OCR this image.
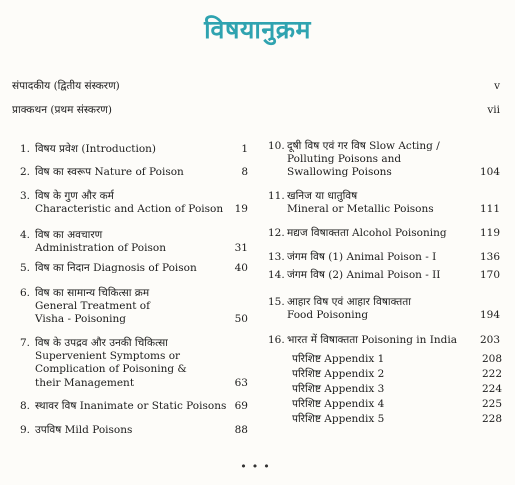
विषयानुक्रम
संपादकीय (द्वितीय संस्करण)	v
प्राक्कथन (प्रथम संस्करण)	vii
1. विषय प्रवेश (Introduction)	1
2. विष का स्वरूप Nature of Poison	8
3. विष के गुण और कर्म
Characteristic and Action of Poison	19
4. विष का अवचारण
Administration of Poison	31
5. विष का निदान Diagnosis of Poison	40
6. विष का सामान्य चिकित्सा क्रम
General Treatment of
Visha - Poisoning	50
7. विष के उपद्रव और उनकी चिकित्सा
Supervenient Symptoms or
Complication of Poisoning &
their Management	63
8. स्थावर विष Inanimate or Static Poisons 69
9. उपविष Mild Poisons	88
10. दूषी विष एवं गर विष Slow Acting /
Polluting Poisons and
Swallowing Poisons	104
11. खनिज या धातुविष
Mineral or Metallic Poisons	111
12. मद्यज विषाक्तता Alcohol Poisoning	119
13. जंगम विष (1) Animal Poison - I	136
14. जंगम विष (2) Animal Poison - II	170
15. आहार विष एवं आहार विषाक्तता
Food Poisoning	194
16. भारत में विषाक्तता Poisoning in India	203
परिशिष्ट Appendix 1	208
परिशिष्ट Appendix 2	222
परिशिष्ट Appendix 3	224
परिशिष्ट Appendix 4	225
परिशिष्ट Appendix 5	228
•••
